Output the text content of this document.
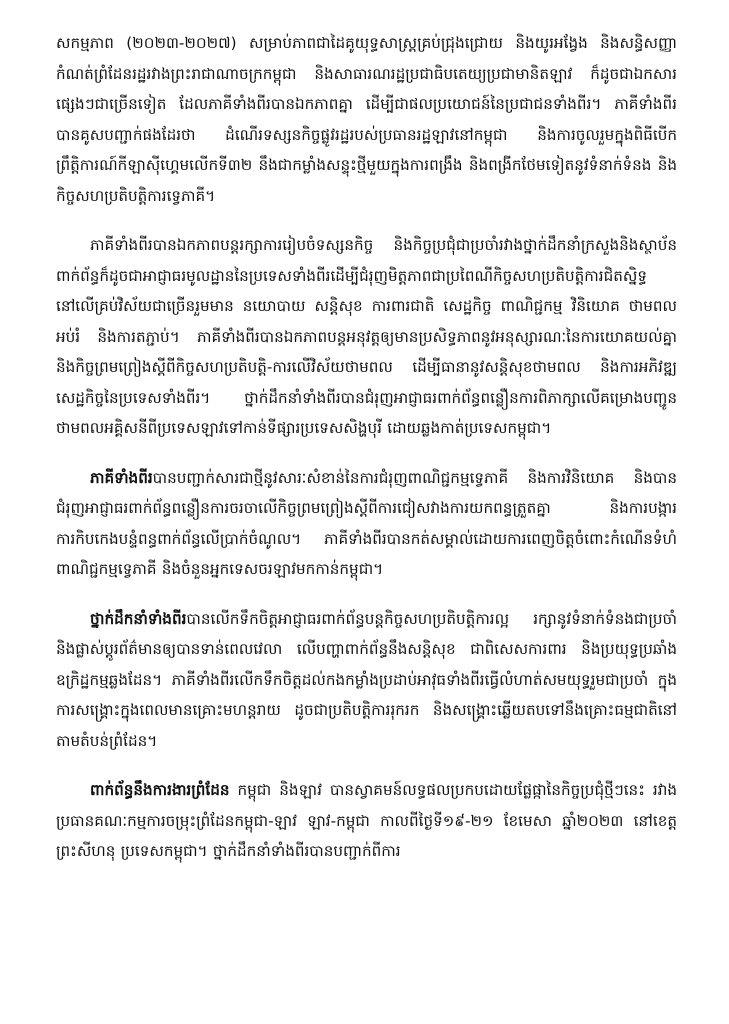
សកម្មភាព (២០២៣-២០២៧) សម្រាប់ភាពជាដៃគូយុទ្ធសាស្ត្រគ្រប់ជ្រុងជ្រោយ និងយូរអង្វែង និងសន្ធិសញ្ញាកំណត់ព្រំដែនរដ្ឋរវាងព្រះរាជាណាចក្រកម្ពុជា និងសាធារណរដ្ឋប្រជាធិបតេយ្យប្រជាមានិតឡាវ ក៏ដូចជាឯកសារផ្សេងៗជាច្រើនទៀត ដែលភាគីទាំងពីរបានឯកភាពគ្នា ដើម្បីជាផលប្រយោជន៍នៃប្រជាជនទាំងពីរ។ ភាគីទាំងពីរបានគូសបញ្ជាក់ផងដែរថា ដំណើរទស្សនកិច្ចផ្លូវរដ្ឋរបស់ប្រធានរដ្ឋឡាវនៅកម្ពុជា និងការចូលរួមក្នុងពិធីបើកព្រឹត្តិការណ៍កីឡាស៊ីហ្គេមលើកទី៣២ នឹងជាកម្លាំងសន្ទុះថ្មីមួយក្នុងការពង្រឹង និងពង្រីកថែមទៀតនូវទំនាក់ទំនង និងកិច្ចសហប្រតិបត្តិការទ្វេភាគី។

ភាគីទាំងពីរបានឯកភាពបន្តរក្សាការរៀបចំទស្សនកិច្ច និងកិច្ចប្រជុំជាប្រចាំរវាងថ្នាក់ដឹកនាំក្រសួងនិងស្ថាប័នពាក់ព័ន្ធក៏ដូចជាអាជ្ញាធរមូលដ្ឋាននៃប្រទេសទាំងពីរដើម្បីជំរុញមិត្តភាពជាប្រពៃណីកិច្ចសហប្រតិបត្តិការជិតស្និទ្ធនៅលើគ្រប់វិស័យជាច្រើនរួមមាន នយោបាយ សន្តិសុខ ការពារជាតិ សេដ្ឋកិច្ច ពាណិជ្ជកម្ម វិនិយោគ ថាមពល អប់រំ និងការតភ្ជាប់។ ភាគីទាំងពីរបានឯកភាពបន្តអនុវត្តឲ្យមានប្រសិទ្ធភាពនូវអនុស្សារណៈនៃការយោគយល់គ្នា និងកិច្ចព្រមព្រៀងស្តីពីកិច្ចសហប្រតិបត្តិ-ការលើវិស័យថាមពល ដើម្បីធានានូវសន្តិសុខថាមពល និងការអភិវឌ្ឍសេដ្ឋកិច្ចនៃប្រទេសទាំងពីរ។ ថ្នាក់ដឹកនាំទាំងពីរបានជំរុញអាជ្ញាធរពាក់ព័ន្ធពន្លឿនការពិភាក្សាលើគម្រោងបញ្ជូនថាមពលអគ្គិសនីពីប្រទេសឡាវទៅកាន់ទីផ្សារប្រទេសសិង្ហបុរី ដោយឆ្លងកាត់ប្រទេសកម្ពុជា។

ភាគីទាំងពីរបានបញ្ជាក់សារជាថ្មីនូវសារៈសំខាន់នៃការជំរុញពាណិជ្ជកម្មទ្វេភាគី និងការវិនិយោគ និងបានជំរុញអាជ្ញាធរពាក់ព័ន្ធពន្លឿនការចរចាលើកិច្ចព្រមព្រៀងស្តីពីការជៀសវាងការយកពន្ធត្រួតគ្នា និងការបង្ការការកិបកេងបន្ទំពន្ធពាក់ព័ន្ធលើប្រាក់ចំណូល។ ភាគីទាំងពីរបានកត់សម្គាល់ដោយការពេញចិត្តចំពោះកំណើនទំហំពាណិជ្ជកម្មទ្វេភាគី និងចំនួនអ្នកទេសចរឡាវមកកាន់កម្ពុជា។

ថ្នាក់ដឹកនាំទាំងពីរបានលើកទឹកចិត្តអាជ្ញាធរពាក់ព័ន្ធបន្តកិច្ចសហប្រតិបត្តិការល្អ រក្សានូវទំនាក់ទំនងជាប្រចាំ និងផ្លាស់ប្តូរព័ត៌មានឲ្យបានទាន់ពេលវេលា លើបញ្ហាពាក់ព័ន្ធនឹងសន្តិសុខ ជាពិសេសការពារ និងប្រយុទ្ធប្រឆាំងឧក្រិដ្ឋកម្មឆ្លងដែន។ ភាគីទាំងពីរលើកទឹកចិត្តដល់កងកម្លាំងប្រដាប់អាវុធទាំងពីរធ្វើលំហាត់សមយុទ្ធរួមជាប្រចាំ ក្នុងការសង្គ្រោះក្នុងពេលមានគ្រោះមហន្តរាយ ដូចជាប្រតិបត្តិការរុករក និងសង្គ្រោះឆ្លើយតបទៅនឹងគ្រោះធម្មជាតិនៅតាមតំបន់ព្រំដែន។

ពាក់ព័ន្ធនឹងការងារព្រំដែន កម្ពុជា និងឡាវ បានស្វាគមន៍លទ្ធផលប្រកបដោយផ្លែផ្កានៃកិច្ចប្រជុំថ្មីៗនេះ រវាងប្រធានគណៈកម្មការចម្រុះព្រំដែនកម្ពុជា-ឡាវ ឡាវ-កម្ពុជា កាលពីថ្ងៃទី១៩-២១ ខែមេសា ឆ្នាំ២០២៣ នៅខេត្តព្រះសីហនុ ប្រទេសកម្ពុជា។ ថ្នាក់ដឹកនាំទាំងពីរបានបញ្ជាក់ពីការ
